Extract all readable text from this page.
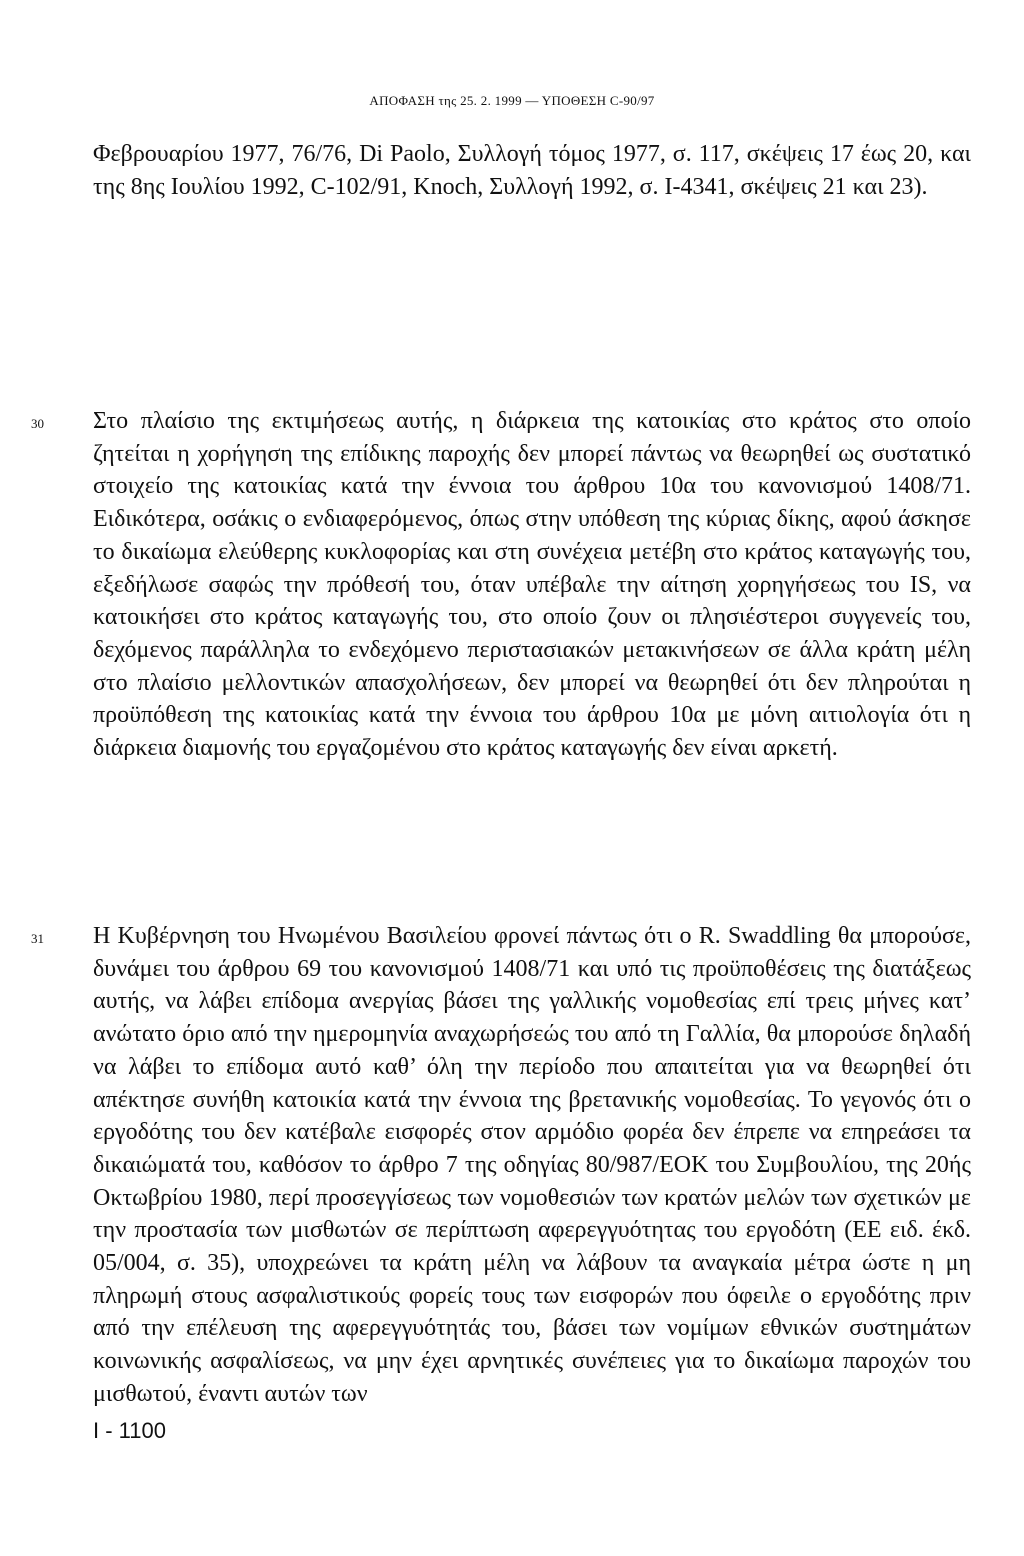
ΑΠΟΦΑΣΗ της 25. 2. 1999 — ΥΠΟΘΕΣΗ C-90/97

Φεβρουαρίου 1977, 76/76, Di Paolo, Συλλογή τόμος 1977, σ. 117, σκέψεις 17 έως 20, και της 8ης Ιουλίου 1992, C-102/91, Knoch, Συλλογή 1992, σ. Ι-4341, σκέψεις 21 και 23).

30 Στο πλαίσιο της εκτιμήσεως αυτής, η διάρκεια της κατοικίας στο κράτος στο οποίο ζητείται η χορήγηση της επίδικης παροχής δεν μπορεί πάντως να θεωρηθεί ως συστατικό στοιχείο της κατοικίας κατά την έννοια του άρθρου 10α του κανονισμού 1408/71. Ειδικότερα, οσάκις ο ενδιαφερόμενος, όπως στην υπόθεση της κύριας δίκης, αφού άσκησε το δικαίωμα ελεύθερης κυκλοφορίας και στη συνέχεια μετέβη στο κράτος καταγωγής του, εξεδήλωσε σαφώς την πρόθεσή του, όταν υπέβαλε την αίτηση χορηγήσεως του IS, να κατοικήσει στο κράτος καταγωγής του, στο οποίο ζουν οι πλησιέστεροι συγγενείς του, δεχόμενος παράλληλα το ενδεχόμενο περιστασιακών μετακινήσεων σε άλλα κράτη μέλη στο πλαίσιο μελλοντικών απασχολήσεων, δεν μπορεί να θεωρηθεί ότι δεν πληρούται η προϋπόθεση της κατοικίας κατά την έννοια του άρθρου 10α με μόνη αιτιολογία ότι η διάρκεια διαμονής του εργαζομένου στο κράτος καταγωγής δεν είναι αρκετή.

31 Η Κυβέρνηση του Ηνωμένου Βασιλείου φρονεί πάντως ότι ο R. Swaddling θα μπορούσε, δυνάμει του άρθρου 69 του κανονισμού 1408/71 και υπό τις προϋποθέσεις της διατάξεως αυτής, να λάβει επίδομα ανεργίας βάσει της γαλλικής νομοθεσίας επί τρεις μήνες κατ’ ανώτατο όριο από την ημερομηνία αναχωρήσεώς του από τη Γαλλία, θα μπορούσε δηλαδή να λάβει το επίδομα αυτό καθ’ όλη την περίοδο που απαιτείται για να θεωρηθεί ότι απέκτησε συνήθη κατοικία κατά την έννοια της βρετανικής νομοθεσίας. Το γεγονός ότι ο εργοδότης του δεν κατέβαλε εισφορές στον αρμόδιο φορέα δεν έπρεπε να επηρεάσει τα δικαιώματά του, καθόσον το άρθρο 7 της οδηγίας 80/987/ΕΟΚ του Συμβουλίου, της 20ής Οκτωβρίου 1980, περί προσεγγίσεως των νομοθεσιών των κρατών μελών των σχετικών με την προστασία των μισθωτών σε περίπτωση αφερεγγυότητας του εργοδότη (ΕΕ ειδ. έκδ. 05/004, σ. 35), υποχρεώνει τα κράτη μέλη να λάβουν τα αναγκαία μέτρα ώστε η μη πληρωμή στους ασφαλιστικούς φορείς τους των εισφορών που όφειλε ο εργοδότης πριν από την επέλευση της αφερεγγυότητάς του, βάσει των νομίμων εθνικών συστημάτων κοινωνικής ασφαλίσεως, να μην έχει αρνητικές συνέπειες για το δικαίωμα παροχών του μισθωτού, έναντι αυτών των

I - 1100
